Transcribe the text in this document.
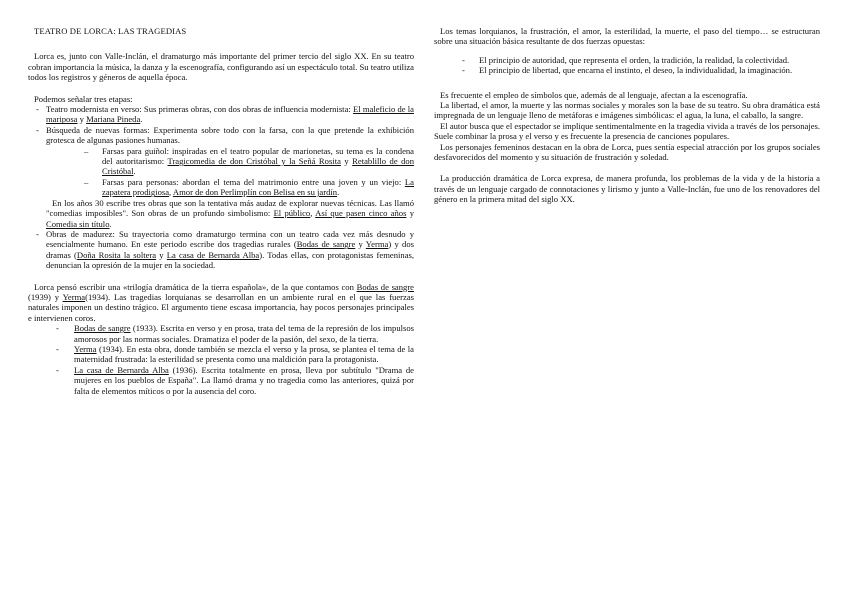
TEATRO DE LORCA: LAS TRAGEDIAS

Lorca es, junto con Valle-Inclán, el dramaturgo más importante del primer tercio del siglo XX. En su teatro cobran importancia la música, la danza y la escenografía, configurando así un espectáculo total. Su teatro utiliza todos los registros y géneros de aquella época.

Podemos señalar tres etapas:

- Teatro modernista en verso: Sus primeras obras, con dos obras de influencia modernista: El maleficio de la mariposa y Mariana Pineda.
- Búsqueda de nuevas formas: Experimenta sobre todo con la farsa, con la que pretende la exhibición grotesca de algunas pasiones humanas.
– Farsas para guiñol: inspiradas en el teatro popular de marionetas, su tema es la condena del autoritarismo: Tragicomedia de don Cristóbal y la Señá Rosita y Retablillo de don Cristóbal.
– Farsas para personas: abordan el tema del matrimonio entre una joven y un viejo: La zapatera prodigiosa, Amor de don Perlimplín con Belisa en su jardín.

En los años 30 escribe tres obras que son la tentativa más audaz de explorar nuevas técnicas. Las llamó "comedias imposibles". Son obras de un profundo simbolismo: El público, Así que pasen cinco años y Comedia sin título.

- Obras de madurez: Su trayectoria como dramaturgo termina con un teatro cada vez más desnudo y esencialmente humano. En este periodo escribe dos tragedias rurales (Bodas de sangre y Yerma) y dos dramas (Doña Rosita la soltera y La casa de Bernarda Alba). Todas ellas, con protagonistas femeninas, denuncian la opresión de la mujer en la sociedad.

Lorca pensó escribir una «trilogía dramática de la tierra española», de la que contamos con Bodas de sangre (1939) y Yerma(1934). Las tragedias lorquianas se desarrollan en un ambiente rural en el que las fuerzas naturales imponen un destino trágico. El argumento tiene escasa importancia, hay pocos personajes principales e intervienen coros.

- Bodas de sangre (1933). Escrita en verso y en prosa, trata del tema de la represión de los impulsos amorosos por las normas sociales. Dramatiza el poder de la pasión, del sexo, de la tierra.
- Yerma (1934). En esta obra, donde también se mezcla el verso y la prosa, se plantea el tema de la maternidad frustrada: la esterilidad se presenta como una maldición para la protagonista.
- La casa de Bernarda Alba (1936). Escrita totalmente en prosa, lleva por subtítulo "Drama de mujeres en los pueblos de España". La llamó drama y no tragedia como las anteriores, quizá por falta de elementos míticos o por la ausencia del coro.

Los temas lorquianos, la frustración, el amor, la esterilidad, la muerte, el paso del tiempo… se estructuran sobre una situación básica resultante de dos fuerzas opuestas:

- El principio de autoridad, que representa el orden, la tradición, la realidad, la colectividad.
- El principio de libertad, que encarna el instinto, el deseo, la individualidad, la imaginación.

Es frecuente el empleo de símbolos que, además de al lenguaje, afectan a la escenografía.

La libertad, el amor, la muerte y las normas sociales y morales son la base de su teatro. Su obra dramática está impregnada de un lenguaje lleno de metáforas e imágenes simbólicas: el agua, la luna, el caballo, la sangre.

El autor busca que el espectador se implique sentimentalmente en la tragedia vivida a través de los personajes. Suele combinar la prosa y el verso y es frecuente la presencia de canciones populares.

Los personajes femeninos destacan en la obra de Lorca, pues sentía especial atracción por los grupos sociales desfavorecidos del momento y su situación de frustración y soledad.

La producción dramática de Lorca expresa, de manera profunda, los problemas de la vida y de la historia a través de un lenguaje cargado de connotaciones y lirismo y junto a Valle-Inclán, fue uno de los renovadores del género en la primera mitad del siglo XX.
